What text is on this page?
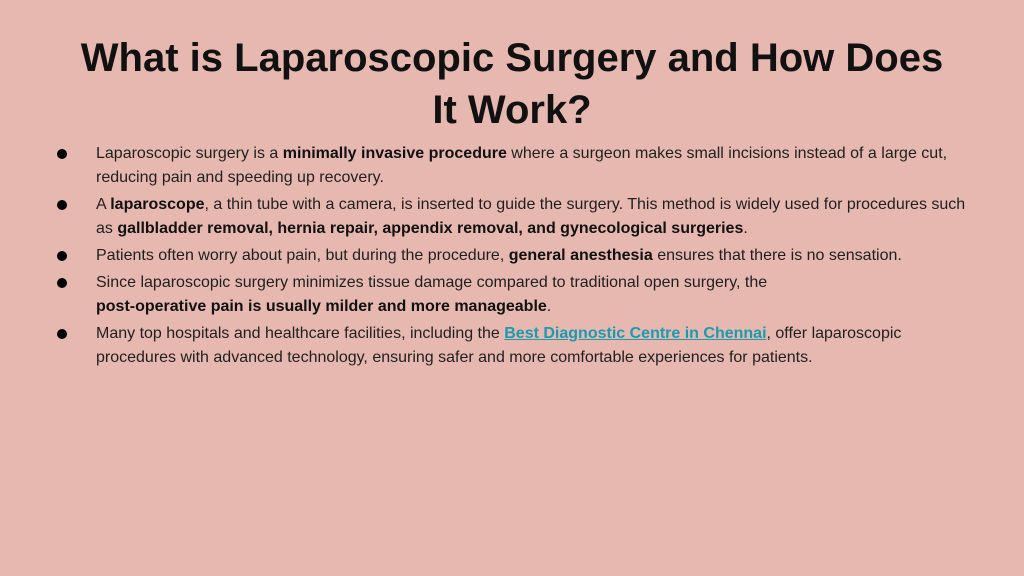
What is Laparoscopic Surgery and How Does
It Work?
Laparoscopic surgery is a minimally invasive procedure where a surgeon makes small incisions instead of a large cut, reducing pain and speeding up recovery.
A laparoscope, a thin tube with a camera, is inserted to guide the surgery. This method is widely used for procedures such as gallbladder removal, hernia repair, appendix removal, and gynecological surgeries.
Patients often worry about pain, but during the procedure, general anesthesia ensures that there is no sensation.
Since laparoscopic surgery minimizes tissue damage compared to traditional open surgery, the
post-operative pain is usually milder and more manageable.
Many top hospitals and healthcare facilities, including the Best Diagnostic Centre in Chennai, offer laparoscopic procedures with advanced technology, ensuring safer and more comfortable experiences for patients.
